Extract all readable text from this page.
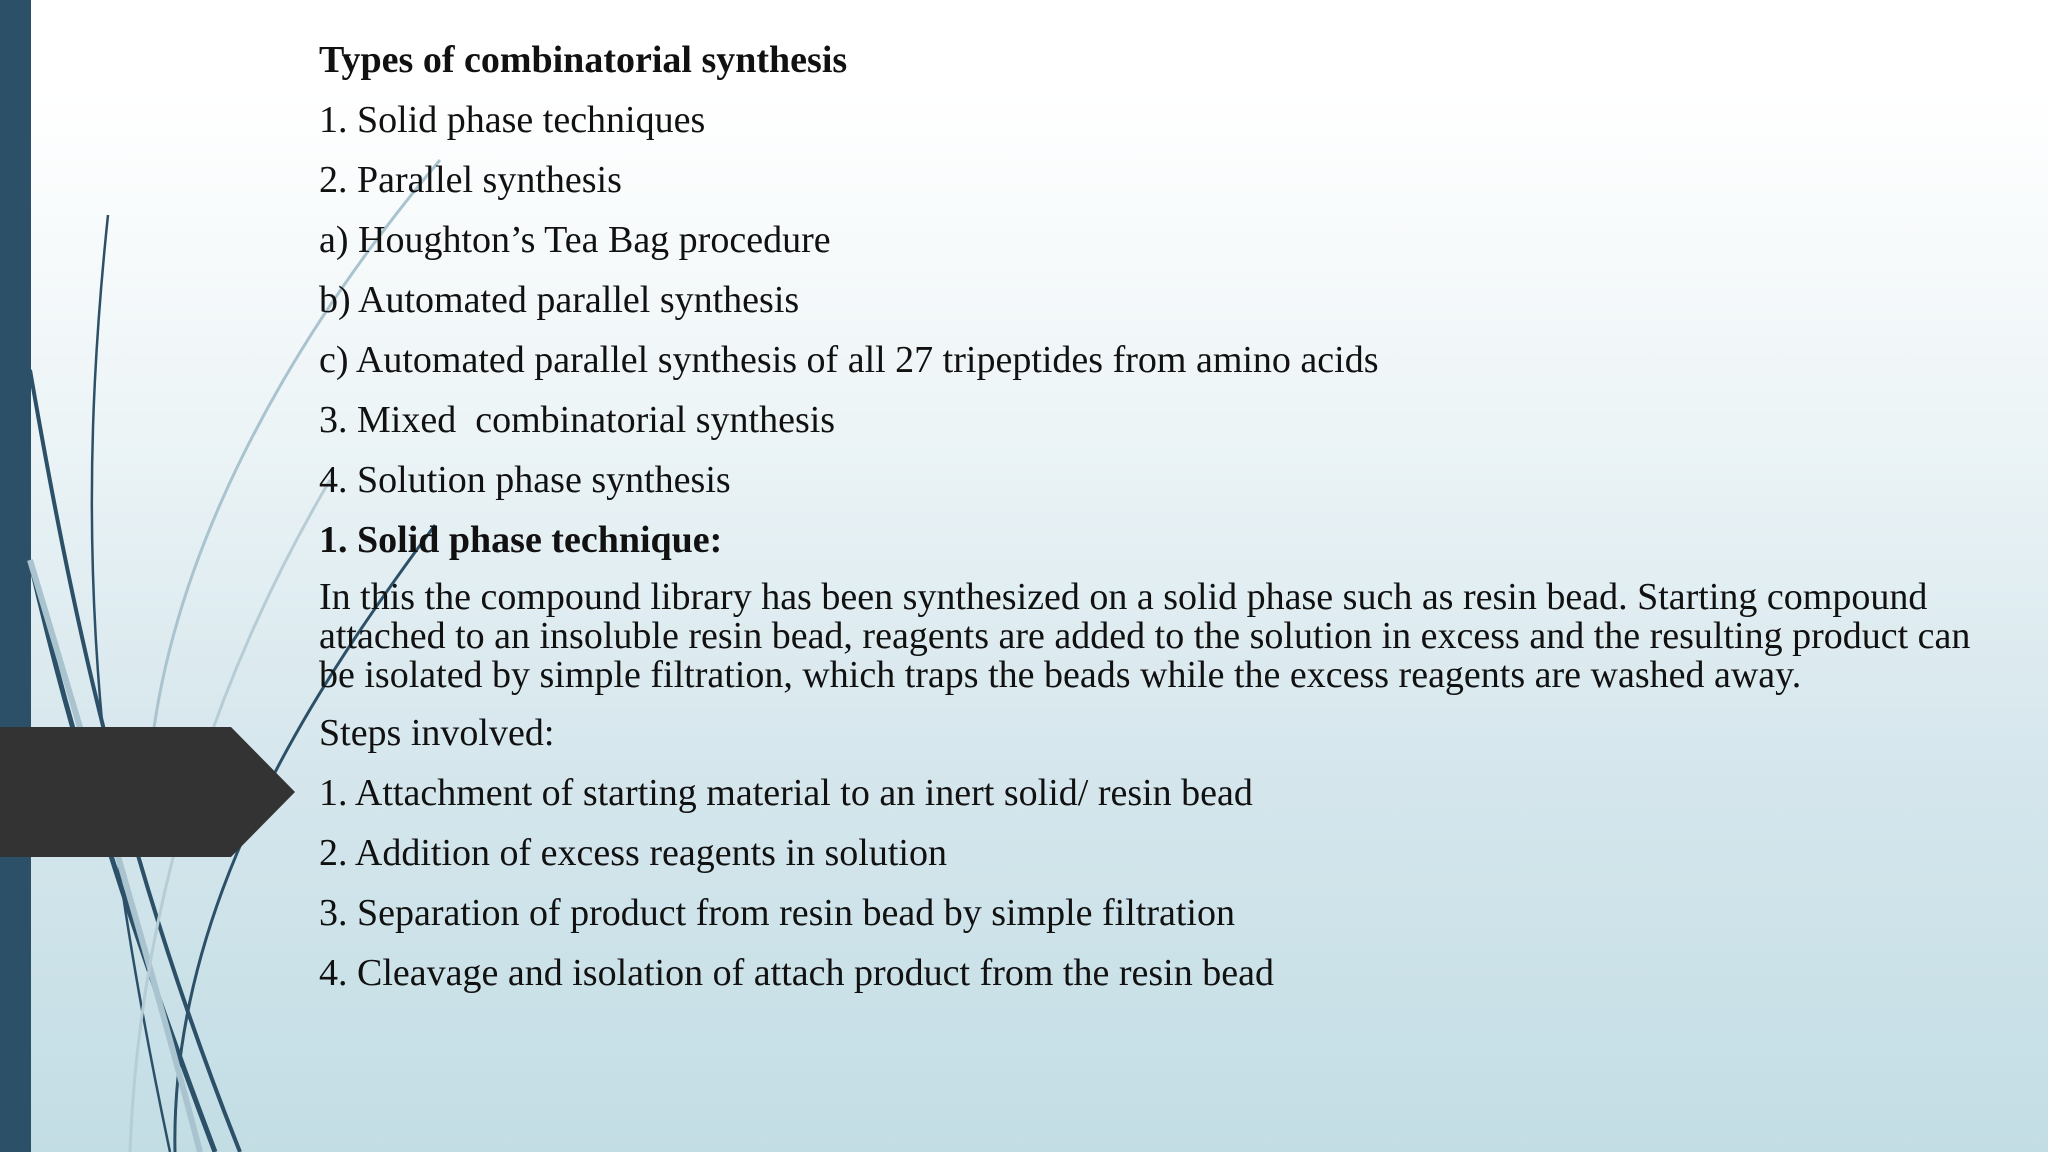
Types of combinatorial synthesis
1. Solid phase techniques
2. Parallel synthesis
a) Houghton’s Tea Bag procedure
b) Automated parallel synthesis
c) Automated parallel synthesis of all 27 tripeptides from amino acids
3. Mixed  combinatorial synthesis
4. Solution phase synthesis
1. Solid phase technique:
In this the compound library has been synthesized on a solid phase such as resin bead. Starting compound attached to an insoluble resin bead, reagents are added to the solution in excess and the resulting product can be isolated by simple filtration, which traps the beads while the excess reagents are washed away.
Steps involved:
1. Attachment of starting material to an inert solid/ resin bead
2. Addition of excess reagents in solution
3. Separation of product from resin bead by simple filtration
4. Cleavage and isolation of attach product from the resin bead
